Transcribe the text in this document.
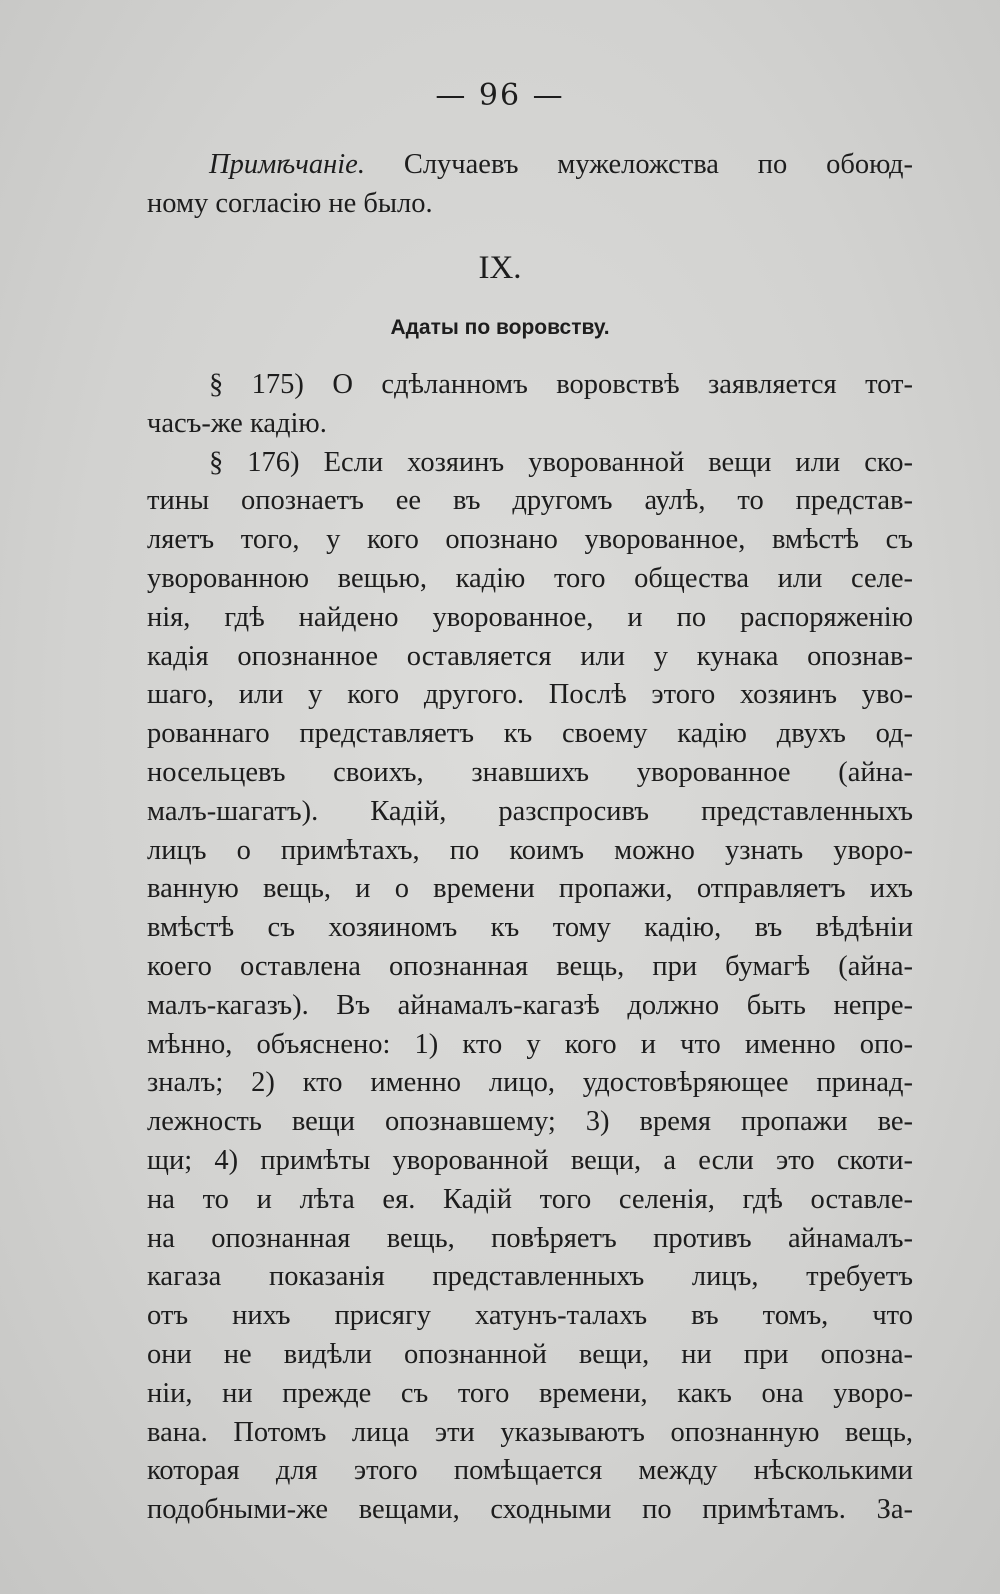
— 96 —
Примѣчаніе. Случаевъ мужеложства по обоюд-
ному согласію не было.
IX.
Адаты по воровству.
§ 175) О сдѣланномъ воровствѣ заявляется тот-
часъ-же кадію.
§ 176) Если хозяинъ уворованной вещи или ско-
тины опознаетъ ее въ другомъ аулѣ, то представ-
ляетъ того, у кого опознано уворованное, вмѣстѣ съ
уворованною вещью, кадію того общества или селе-
нія, гдѣ найдено уворованное, и по распоряженію
кадія опознанное оставляется или у кунака опознав-
шаго, или у кого другого. Послѣ этого хозяинъ уво-
рованнаго представляетъ къ своему кадію двухъ од-
носельцевъ своихъ, знавшихъ уворованное (айна-
малъ-шагатъ). Кадій, разспросивъ представленныхъ
лицъ о примѣтахъ, по коимъ можно узнать уворо-
ванную вещь, и о времени пропажи, отправляетъ ихъ
вмѣстѣ съ хозяиномъ къ тому кадію, въ вѣдѣніи
коего оставлена опознанная вещь, при бумагѣ (айна-
малъ-кагазъ). Въ айнамалъ-кагазѣ должно быть непре-
мѣнно, объяснено: 1) кто у кого и что именно опо-
зналъ; 2) кто именно лицо, удостовѣряющее принад-
лежность вещи опознавшему; 3) время пропажи ве-
щи; 4) примѣты уворованной вещи, а если это скоти-
на то и лѣта ея. Кадій того селенія, гдѣ оставле-
на опознанная вещь, повѣряетъ противъ айнамалъ-
кагаза показанія представленныхъ лицъ, требуетъ
отъ нихъ присягу хатунъ-талахъ въ томъ, что
они не видѣли опознанной вещи, ни при опозна-
ніи, ни прежде съ того времени, какъ она уворо-
вана. Потомъ лица эти указываютъ опознанную вещь,
которая для этого помѣщается между нѣсколькими
подобными-же вещами, сходными по примѣтамъ. За-
